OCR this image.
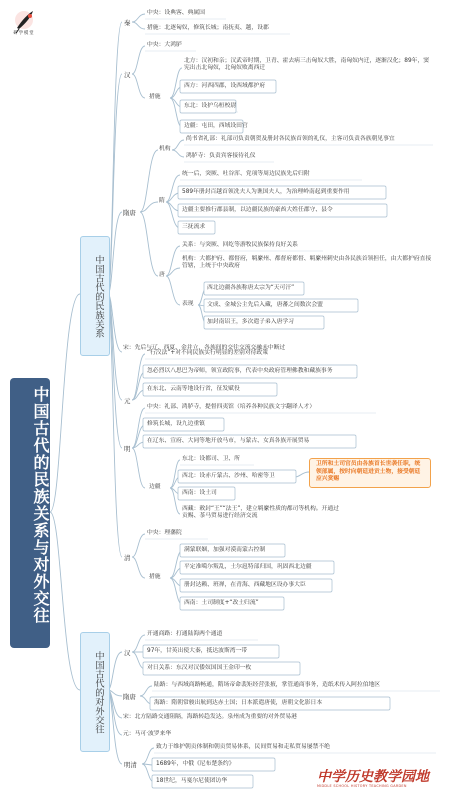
研学模堂
中国古代的民族关系与对外交往
中国古代的民族关系
中国古代的对外交往
秦
汉
隋唐
宋：先后与辽、西夏、金并立，各族间的交往交流交融未中断过
元
明
清
汉
隋唐
宋：北方陆路交通阻隔，海路转趋发达。泉州成为重要的对外贸易港
元：马可·波罗来华
明清
中央：设典客、典属国
措施：北逐匈奴，修筑长城；南抚夷、越，设郡
中央：大鸿胪
措施
北方：汉初和亲；汉武帝时期，卫青、霍去病三击匈奴大胜，南匈奴内迁，逐渐汉化；89年，窦宪出击北匈奴，北匈奴败离西迁
西方：河西四郡，设西域都护府
东北：设护乌桓校尉
边疆：屯田，西域设田官
机构
尚书省礼部：礼部司负责朝贺及册封各民族首领的礼仪，主客司负责各族朝见事宜
鸿胪寺：负责宾客接待礼仪
隋
统一后，突厥、吐谷浑、党项等周边民族先后归附
589年册封百越首领冼夫人为谯国夫人，为治理岭南起到重要作用
边疆主要推行郡县制，以边疆民族的豪酋大姓任郡守、县令
三抚流求
唐
关系：与突厥、回纥等游牧民族保持良好关系
机构：大都护府、都督府，羁縻州、都督府都督、羁縻州刺史由各民族首领担任，由大都护府直接管辖，上统于中央政府
表现
西北边疆各族称唐太宗为“天可汗”
文成、金城公主先后入藏，唐蕃之间数次会盟
加封南诏王，多次遣子弟入唐学习
“行汉法”+对不同民族实行明显的差别对待政策
忽必烈以八思巴为帝师，领宣政院事，代表中央政府管理佛教和藏族事务
在东北、云南等地设行省，征发赋役
中央：礼部、鸿胪寺，提督四夷馆（培养各种民族文字翻译人才）
修筑长城，设九边重镇
在辽东、宣府、大同等地开放马市，与蒙古、女真各族开展贸易
边疆
东北：设都司、卫、所
西北：设赤斤蒙古、沙州、哈密等卫
西南：设土司
西藏：敕封“王”“法王”，建立羁縻性质的都司等机构。开通过贡赐、茶马贸易进行经济交流
卫所和土司官员由各族首长世袭任职，统领部属，按时向朝廷进贡土物，接受朝廷应兴赏赐
中央：理藩院
措施
满蒙联姻，加强对漠南蒙古控制
平定准噶尔叛乱，土尔扈特部归国，巩固西北边疆
册封达赖、班禅，在青海、西藏地区设办事大臣
西南：土司制度+“改土归流”
开通商路：打通陆海两个通道
97年，甘英出使大秦，抵达波斯湾一带
对日关系：东汉对汉倭奴国国王金印一枚
陆路：与西域商路畅通，隋场帝命裴矩经营张掖，掌管通商事务，造纸术传入阿拉伯地区
海路：隋朝常骏出航到达赤土国；日本派遣唐使，唐朝文化影日本
致力于维护朝贡体制和朝贡贸易体系，民间贸易和走私贸易屡禁不绝
1689年，中俄《尼布楚条约》
18世纪，马戛尔尼使团访华	中学历史教学园地
MIDDLE SCHOOL HISTORY TEACHING GARDEN
